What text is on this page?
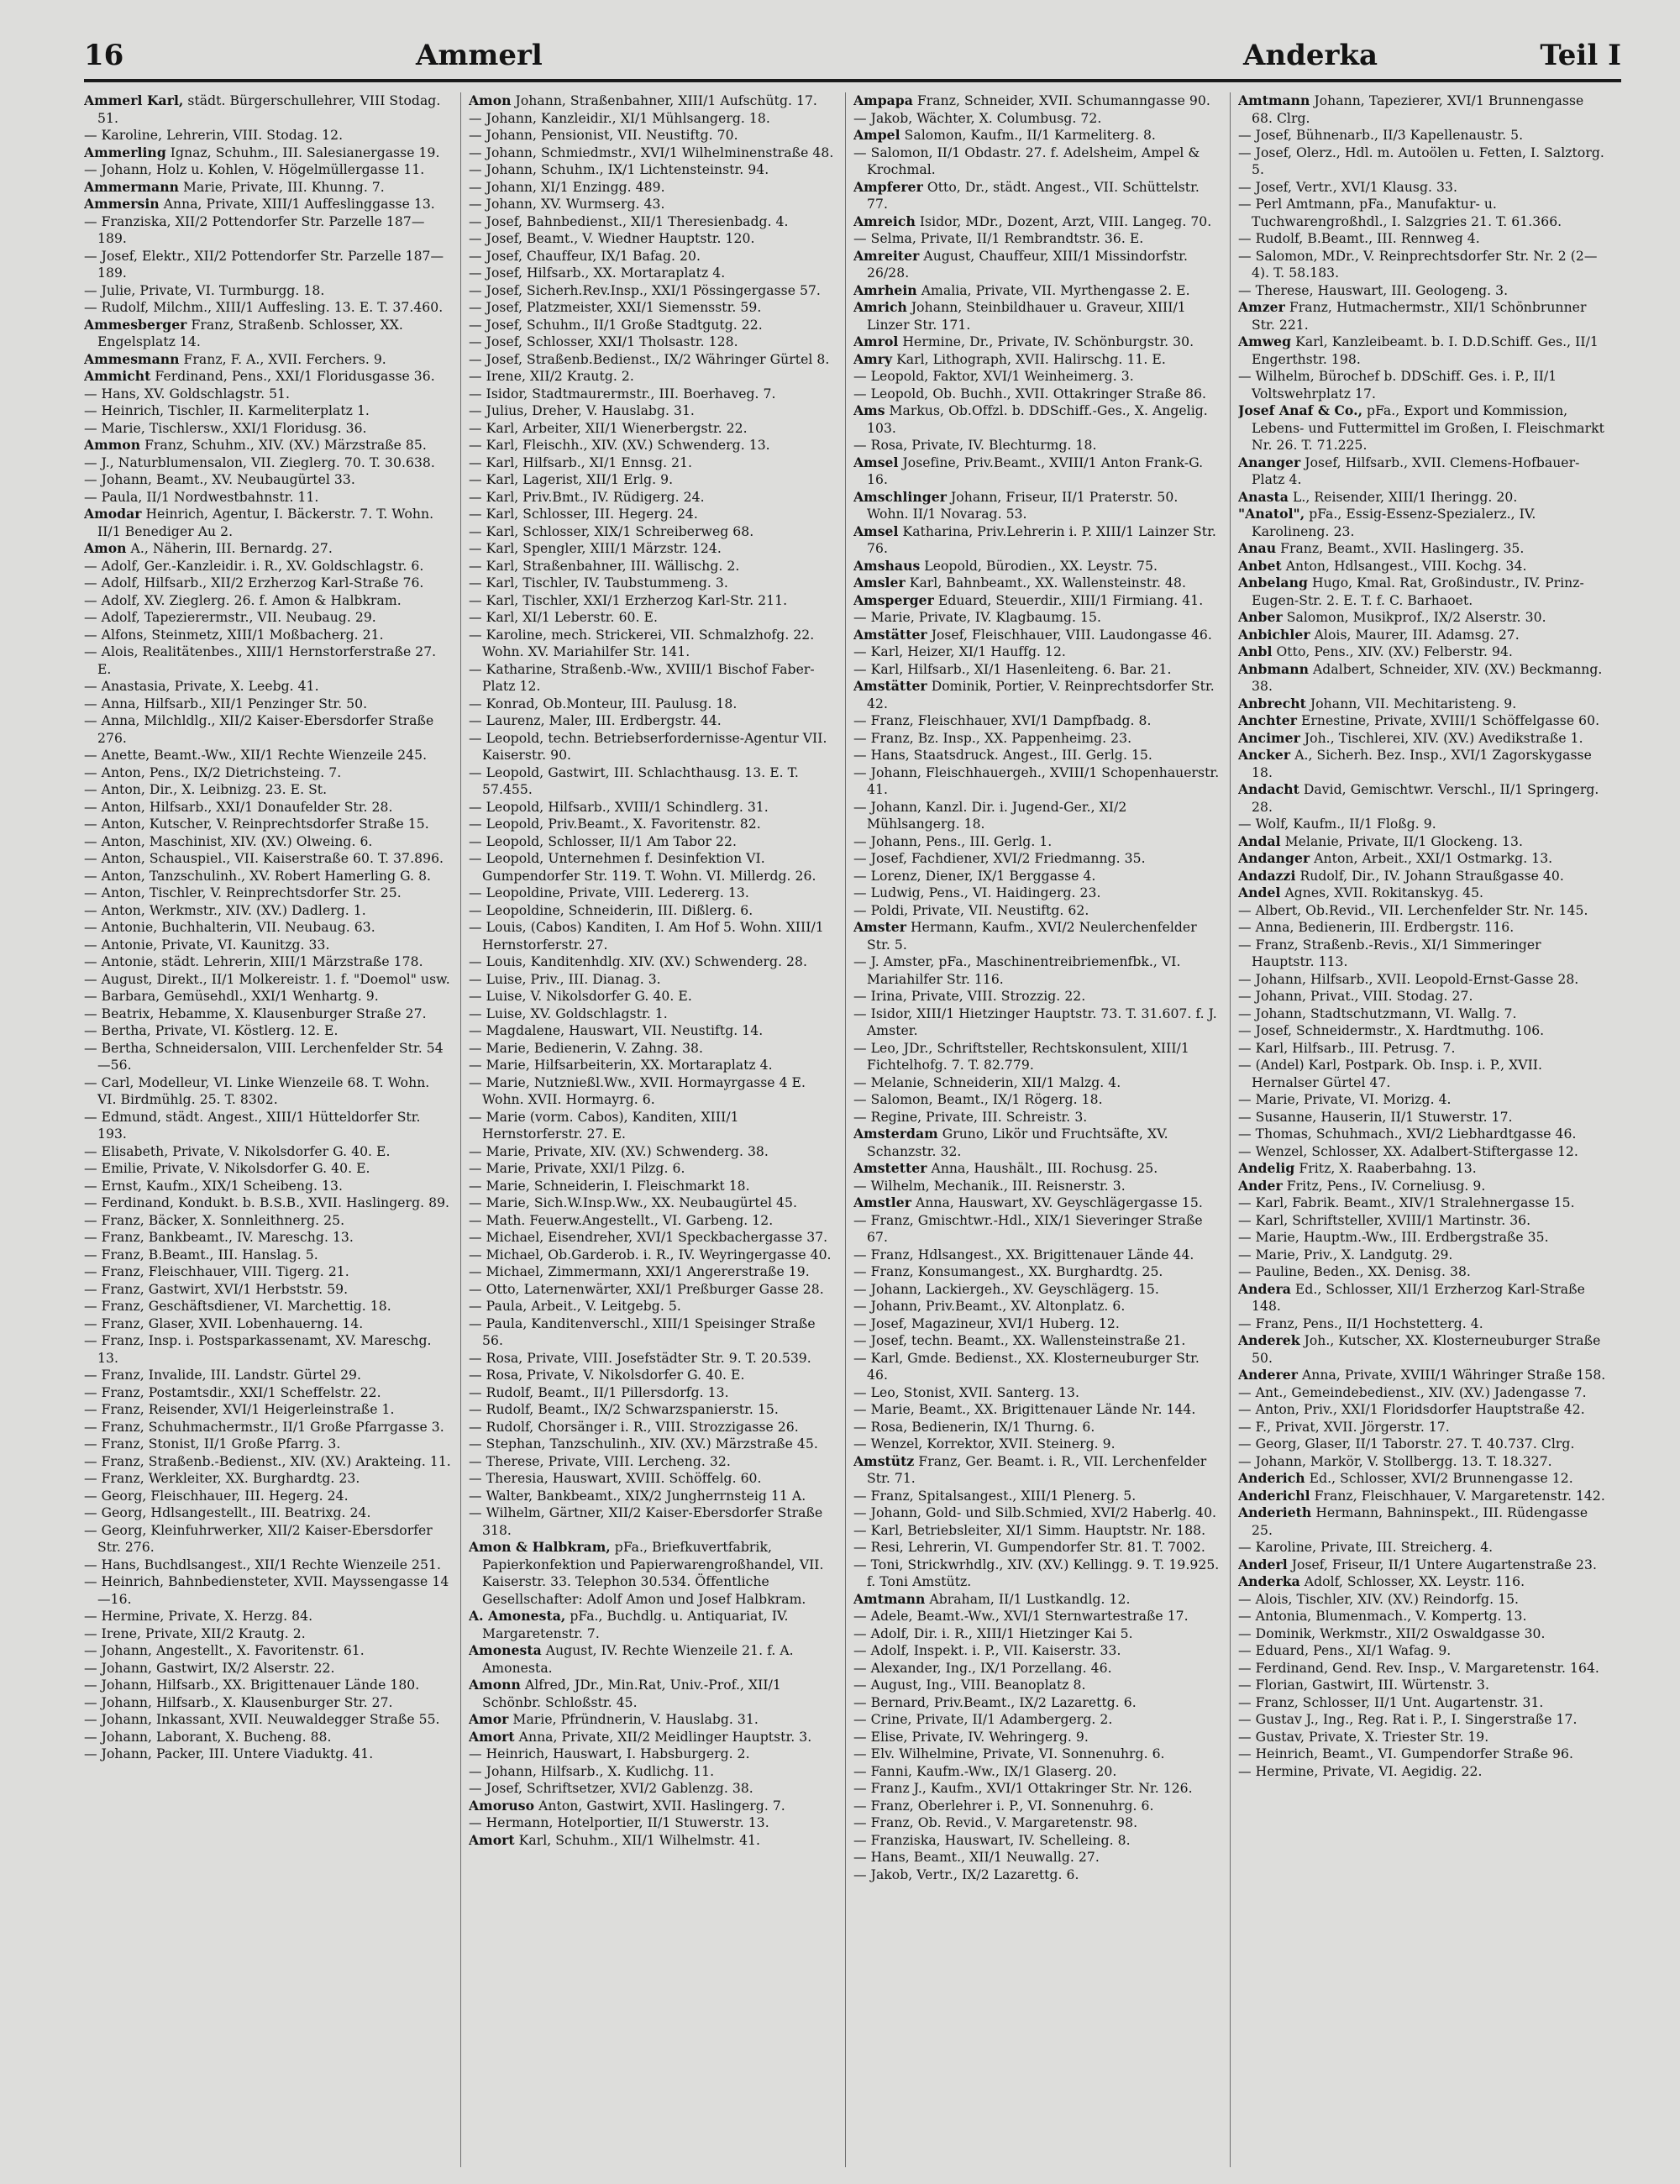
16	Ammerl	Anderka	Teil I

Ammerl Karl, städt. Bürgerschullehrer, VIII Stodag. 51.

— Karoline, Lehrerin, VIII. Stodag. 12.

Ammerling Ignaz, Schuhm., III. Salesianergasse 19.

— Johann, Holz u. Kohlen, V. Högelmüllergasse 11.

Ammermann Marie, Private, III. Khunng. 7.

Ammersin Anna, Private, XIII/1 Auffeslinggasse 13.

— Franziska, XII/2 Pottendorfer Str. Parzelle 187—189.

— Josef, Elektr., XII/2 Pottendorfer Str. Parzelle 187—189.

— Julie, Private, VI. Turmburgg. 18.

— Rudolf, Milchm., XIII/1 Auffesling. 13. E. T. 37.460.

Ammesberger Franz, Straßenb. Schlosser, XX. Engelsplatz 14.

Ammesmann Franz, F. A., XVII. Ferchers. 9.

Ammicht Ferdinand, Pens., XXI/1 Floridusgasse 36.

— Hans, XV. Goldschlagstr. 51.

— Heinrich, Tischler, II. Karmeliterplatz 1.

— Marie, Tischlersw., XXI/1 Floridusg. 36.

Ammon Franz, Schuhm., XIV. (XV.) Märzstraße 85.

— J., Naturblumensalon, VII. Zieglerg. 70. T. 30.638.

— Johann, Beamt., XV. Neubaugürtel 33.

— Paula, II/1 Nordwestbahnstr. 11.

Amodar Heinrich, Agentur, I. Bäckerstr. 7. T. Wohn. II/1 Benediger Au 2.

Amon A., Näherin, III. Bernardg. 27.

— Adolf, Ger.-Kanzleidir. i. R., XV. Goldschlagstr. 6.

— Adolf, Hilfsarb., XII/2 Erzherzog Karl-Straße 76.

— Adolf, XV. Zieglerg. 26. f. Amon & Halbkram.

— Adolf, Tapezierermstr., VII. Neubaug. 29.

— Alfons, Steinmetz, XIII/1 Moßbacherg. 21.

— Alois, Realitätenbes., XIII/1 Hernstorferstraße 27. E.

— Anastasia, Private, X. Leebg. 41.

— Anna, Hilfsarb., XII/1 Penzinger Str. 50.

— Anna, Milchldlg., XII/2 Kaiser-Ebersdorfer Straße 276.

— Anette, Beamt.-Ww., XII/1 Rechte Wienzeile 245.

— Anton, Pens., IX/2 Dietrichsteing. 7.

— Anton, Dir., X. Leibnizg. 23. E. St.

— Anton, Hilfsarb., XXI/1 Donaufelder Str. 28.

— Anton, Kutscher, V. Reinprechtsdorfer Straße 15.

— Anton, Maschinist, XIV. (XV.) Olweing. 6.

— Anton, Schauspiel., VII. Kaiserstraße 60. T. 37.896.

— Anton, Tanzschulinh., XV. Robert Hamerling G. 8.

— Anton, Tischler, V. Reinprechtsdorfer Str. 25.

— Anton, Werkmstr., XIV. (XV.) Dadlerg. 1.

— Antonie, Buchhalterin, VII. Neubaug. 63.

— Antonie, Private, VI. Kaunitzg. 33.

— Antonie, städt. Lehrerin, XIII/1 Märzstraße 178.

— August, Direkt., II/1 Molkereistr. 1. f. "Doemol" usw.

— Barbara, Gemüsehdl., XXI/1 Wenhartg. 9.

— Beatrix, Hebamme, X. Klausenburger Straße 27.

— Bertha, Private, VI. Köstlerg. 12. E.

— Bertha, Schneidersalon, VIII. Lerchenfelder Str. 54—56.

— Carl, Modelleur, VI. Linke Wienzeile 68. T. Wohn. VI. Birdmühlg. 25. T. 8302.

— Edmund, städt. Angest., XIII/1 Hütteldorfer Str. 193.

— Elisabeth, Private, V. Nikolsdorfer G. 40. E.

— Emilie, Private, V. Nikolsdorfer G. 40. E.

— Ernst, Kaufm., XIX/1 Scheibeng. 13.

— Ferdinand, Kondukt. b. B.S.B., XVII. Haslingerg. 89.

— Franz, Bäcker, X. Sonnleithnerg. 25.

— Franz, Bankbeamt., IV. Mareschg. 13.

— Franz, B.Beamt., III. Hanslag. 5.

— Franz, Fleischhauer, VIII. Tigerg. 21.

— Franz, Gastwirt, XVI/1 Herbststr. 59.

— Franz, Geschäftsdiener, VI. Marchettig. 18.

— Franz, Glaser, XVII. Lobenhauerng. 14.

— Franz, Insp. i. Postsparkassenamt, XV. Mareschg. 13.

— Franz, Invalide, III. Landstr. Gürtel 29.

— Franz, Postamtsdir., XXI/1 Scheffelstr. 22.

— Franz, Reisender, XVI/1 Heigerleinstraße 1.

— Franz, Schuhmachermstr., II/1 Große Pfarrgasse 3.

— Franz, Stonist, II/1 Große Pfarrg. 3.

— Franz, Straßenb.-Bedienst., XIV. (XV.) Arakteing. 11.

— Franz, Werkleiter, XX. Burghardtg. 23.

— Georg, Fleischhauer, III. Hegerg. 24.

— Georg, Hdlsangestellt., III. Beatrixg. 24.

— Georg, Kleinfuhrwerker, XII/2 Kaiser-Ebersdorfer Str. 276.

— Hans, Buchdlsangest., XII/1 Rechte Wienzeile 251.

— Heinrich, Bahnbediensteter, XVII. Mayssengasse 14—16.

— Hermine, Private, X. Herzg. 84.

— Irene, Private, XII/2 Krautg. 2.

— Johann, Angestellt., X. Favoritenstr. 61.

— Johann, Gastwirt, IX/2 Alserstr. 22.

— Johann, Hilfsarb., XX. Brigittenauer Lände 180.

— Johann, Hilfsarb., X. Klausenburger Str. 27.

— Johann, Inkassant, XVII. Neuwaldegger Straße 55.

— Johann, Laborant, X. Bucheng. 88.

— Johann, Packer, III. Untere Viaduktg. 41.

Amon Johann, Straßenbahner, XIII/1 Aufschütg. 17.

— Johann, Kanzleidir., XI/1 Mühlsangerg. 18.

— Johann, Pensionist, VII. Neustiftg. 70.

— Johann, Schmiedmstr., XVI/1 Wilhelminenstraße 48.

— Johann, Schuhm., IX/1 Lichtensteinstr. 94.

— Johann, XI/1 Enzingg. 489.

— Johann, XV. Wurmserg. 43.

— Josef, Bahnbedienst., XII/1 Theresienbadg. 4.

— Josef, Beamt., V. Wiedner Hauptstr. 120.

— Josef, Chauffeur, IX/1 Bafag. 20.

— Josef, Hilfsarb., XX. Mortaraplatz 4.

— Josef, Sicherh.Rev.Insp., XXI/1 Pössingergasse 57.

— Josef, Platzmeister, XXI/1 Siemensstr. 59.

— Josef, Schuhm., II/1 Große Stadtgutg. 22.

— Josef, Schlosser, XXI/1 Tholsastr. 128.

— Josef, Straßenb.Bedienst., IX/2 Währinger Gürtel 8.

— Irene, XII/2 Krautg. 2.

— Isidor, Stadtmaurermstr., III. Boerhaveg. 7.

— Julius, Dreher, V. Hauslabg. 31.

— Karl, Arbeiter, XII/1 Wienerbergstr. 22.

— Karl, Fleischh., XIV. (XV.) Schwenderg. 13.

— Karl, Hilfsarb., XI/1 Ennsg. 21.

— Karl, Lagerist, XII/1 Erlg. 9.

— Karl, Priv.Bmt., IV. Rüdigerg. 24.

— Karl, Schlosser, III. Hegerg. 24.

— Karl, Schlosser, XIX/1 Schreiberweg 68.

— Karl, Spengler, XIII/1 Märzstr. 124.

— Karl, Straßenbahner, III. Wällischg. 2.

— Karl, Tischler, IV. Taubstummeng. 3.

— Karl, Tischler, XXI/1 Erzherzog Karl-Str. 211.

— Karl, XI/1 Leberstr. 60. E.

— Karoline, mech. Strickerei, VII. Schmalzhofg. 22. Wohn. XV. Mariahilfer Str. 141.

— Katharine, Straßenb.-Ww., XVIII/1 Bischof Faber-Platz 12.

— Konrad, Ob.Monteur, III. Paulusg. 18.

— Laurenz, Maler, III. Erdbergstr. 44.

— Leopold, techn. Betriebserfordernisse-Agentur VII. Kaiserstr. 90.

— Leopold, Gastwirt, III. Schlachthausg. 13. E. T. 57.455.

— Leopold, Hilfsarb., XVIII/1 Schindlerg. 31.

— Leopold, Priv.Beamt., X. Favoritenstr. 82.

— Leopold, Schlosser, II/1 Am Tabor 22.

— Leopold, Unternehmen f. Desinfektion VI. Gumpendorfer Str. 119. T. Wohn. VI. Millerdg. 26.

— Leopoldine, Private, VIII. Ledererg. 13.

— Leopoldine, Schneiderin, III. Dißlerg. 6.

— Louis, (Cabos) Kanditen, I. Am Hof 5. Wohn. XIII/1 Hernstorferstr. 27.

— Louis, Kanditenhdlg. XIV. (XV.) Schwenderg. 28.

— Luise, Priv., III. Dianag. 3.

— Luise, V. Nikolsdorfer G. 40. E.

— Luise, XV. Goldschlagstr. 1.

— Magdalene, Hauswart, VII. Neustiftg. 14.

— Marie, Bedienerin, V. Zahng. 38.

— Marie, Hilfsarbeiterin, XX. Mortaraplatz 4.

— Marie, Nutznießl.Ww., XVII. Hormayrgasse 4 E. Wohn. XVII. Hormayrg. 6.

— Marie (vorm. Cabos), Kanditen, XIII/1 Hernstorferstr. 27. E.

— Marie, Private, XIV. (XV.) Schwenderg. 38.

— Marie, Private, XXI/1 Pilzg. 6.

— Marie, Schneiderin, I. Fleischmarkt 18.

— Marie, Sich.W.Insp.Ww., XX. Neubaugürtel 45.

— Math. Feuerw.Angestellt., VI. Garbeng. 12.

— Michael, Eisendreher, XVI/1 Speckbachergasse 37.

— Michael, Ob.Garderob. i. R., IV. Weyringergasse 40.

— Michael, Zimmermann, XXI/1 Angererstraße 19.

— Otto, Laternenwärter, XXI/1 Preßburger Gasse 28.

— Paula, Arbeit., V. Leitgebg. 5.

— Paula, Kanditenverschl., XIII/1 Speisinger Straße 56.

— Rosa, Private, VIII. Josefstädter Str. 9. T. 20.539.

— Rosa, Private, V. Nikolsdorfer G. 40. E.

— Rudolf, Beamt., II/1 Pillersdorfg. 13.

— Rudolf, Beamt., IX/2 Schwarzspanierstr. 15.

— Rudolf, Chorsänger i. R., VIII. Strozzigasse 26.

— Stephan, Tanzschulinh., XIV. (XV.) Märzstraße 45.

— Therese, Private, VIII. Lercheng. 32.

— Theresia, Hauswart, XVIII. Schöffelg. 60.

— Walter, Bankbeamt., XIX/2 Jungherrnsteig 11 A.

— Wilhelm, Gärtner, XII/2 Kaiser-Ebersdorfer Straße 318.

Amon & Halbkram, pFa., Briefkuvertfabrik, Papierkonfektion und Papierwarengroßhandel, VII. Kaiserstr. 33. Telephon 30.534. Öffentliche Gesellschafter: Adolf Amon und Josef Halbkram.

A. Amonesta, pFa., Buchdlg. u. Antiquariat, IV. Margaretenstr. 7.

Amonesta August, IV. Rechte Wienzeile 21. f. A. Amonesta.

Amonn Alfred, JDr., Min.Rat, Univ.-Prof., XII/1 Schönbr. Schloßstr. 45.

Amor Marie, Pfründnerin, V. Hauslabg. 31.

Amort Anna, Private, XII/2 Meidlinger Hauptstr. 3.

— Heinrich, Hauswart, I. Habsburgerg. 2.

— Johann, Hilfsarb., X. Kudlichg. 11.

— Josef, Schriftsetzer, XVI/2 Gablenzg. 38.

Amoruso Anton, Gastwirt, XVII. Haslingerg. 7.

— Hermann, Hotelportier, II/1 Stuwerstr. 13.

Amort Karl, Schuhm., XII/1 Wilhelmstr. 41.

Ampapa Franz, Schneider, XVII. Schumanngasse 90.

— Jakob, Wächter, X. Columbusg. 72.

Ampel Salomon, Kaufm., II/1 Karmeliterg. 8.

— Salomon, II/1 Obdastr. 27. f. Adelsheim, Ampel & Krochmal.

Ampferer Otto, Dr., städt. Angest., VII. Schüttelstr. 77.

Amreich Isidor, MDr., Dozent, Arzt, VIII. Langeg. 70.

— Selma, Private, II/1 Rembrandtstr. 36. E.

Amreiter August, Chauffeur, XIII/1 Missindorfstr. 26/28.

Amrhein Amalia, Private, VII. Myrthengasse 2. E.

Amrich Johann, Steinbildhauer u. Graveur, XIII/1 Linzer Str. 171.

Amrol Hermine, Dr., Private, IV. Schönburgstr. 30.

Amry Karl, Lithograph, XVII. Halirschg. 11. E.

— Leopold, Faktor, XVI/1 Weinheimerg. 3.

— Leopold, Ob. Buchh., XVII. Ottakringer Straße 86.

Ams Markus, Ob.Offzl. b. DDSchiff.-Ges., X. Angelig. 103.

— Rosa, Private, IV. Blechturmg. 18.

Amsel Josefine, Priv.Beamt., XVIII/1 Anton Frank-G. 16.

Amschlinger Johann, Friseur, II/1 Praterstr. 50. Wohn. II/1 Novarag. 53.

Amsel Katharina, Priv.Lehrerin i. P. XIII/1 Lainzer Str. 76.

Amshaus Leopold, Bürodien., XX. Leystr. 75.

Amsler Karl, Bahnbeamt., XX. Wallensteinstr. 48.

Amsperger Eduard, Steuerdir., XIII/1 Firmiang. 41.

— Marie, Private, IV. Klagbaumg. 15.

Amstätter Josef, Fleischhauer, VIII. Laudongasse 46.

— Karl, Heizer, XI/1 Hauffg. 12.

— Karl, Hilfsarb., XI/1 Hasenleiteng. 6. Bar. 21.

Amstätter Dominik, Portier, V. Reinprechtsdorfer Str. 42.

— Franz, Fleischhauer, XVI/1 Dampfbadg. 8.

— Franz, Bz. Insp., XX. Pappenheimg. 23.

— Hans, Staatsdruck. Angest., III. Gerlg. 15.

— Johann, Fleischhauergeh., XVIII/1 Schopenhauerstr. 41.

— Johann, Kanzl. Dir. i. Jugend-Ger., XI/2 Mühlsangerg. 18.

— Johann, Pens., III. Gerlg. 1.

— Josef, Fachdiener, XVI/2 Friedmanng. 35.

— Lorenz, Diener, IX/1 Berggasse 4.

— Ludwig, Pens., VI. Haidingerg. 23.

— Poldi, Private, VII. Neustiftg. 62.

Amster Hermann, Kaufm., XVI/2 Neulerchenfelder Str. 5.

— J. Amster, pFa., Maschinentreibriemenfbk., VI. Mariahilfer Str. 116.

— Irina, Private, VIII. Strozzig. 22.

— Isidor, XIII/1 Hietzinger Hauptstr. 73. T. 31.607. f. J. Amster.

— Leo, JDr., Schriftsteller, Rechtskonsulent, XIII/1 Fichtelhofg. 7. T. 82.779.

— Melanie, Schneiderin, XII/1 Malzg. 4.

— Salomon, Beamt., IX/1 Rögerg. 18.

— Regine, Private, III. Schreistr. 3.

Amsterdam Gruno, Likör und Fruchtsäfte, XV. Schanzstr. 32.

Amstetter Anna, Haushält., III. Rochusg. 25.

— Wilhelm, Mechanik., III. Reisnerstr. 3.

Amstler Anna, Hauswart, XV. Geyschlägergasse 15.

— Franz, Gmischtwr.-Hdl., XIX/1 Sieveringer Straße 67.

— Franz, Hdlsangest., XX. Brigittenauer Lände 44.

— Franz, Konsumangest., XX. Burghardtg. 25.

— Johann, Lackiergeh., XV. Geyschlägerg. 15.

— Johann, Priv.Beamt., XV. Altonplatz. 6.

— Josef, Magazineur, XVI/1 Huberg. 12.

— Josef, techn. Beamt., XX. Wallensteinstraße 21.

— Karl, Gmde. Bedienst., XX. Klosterneuburger Str. 46.

— Leo, Stonist, XVII. Santerg. 13.

— Marie, Beamt., XX. Brigittenauer Lände Nr. 144.

— Rosa, Bedienerin, IX/1 Thurng. 6.

— Wenzel, Korrektor, XVII. Steinerg. 9.

Amstütz Franz, Ger. Beamt. i. R., VII. Lerchenfelder Str. 71.

— Franz, Spitalsangest., XIII/1 Plenerg. 5.

— Johann, Gold- und Silb.Schmied, XVI/2 Haberlg. 40.

— Karl, Betriebsleiter, XI/1 Simm. Hauptstr. Nr. 188.

— Resi, Lehrerin, VI. Gumpendorfer Str. 81. T. 7002.

— Toni, Strickwrhdlg., XIV. (XV.) Kellingg. 9. T. 19.925. f. Toni Amstütz.

Amtmann Abraham, II/1 Lustkandlg. 12.

— Adele, Beamt.-Ww., XVI/1 Sternwartestraße 17.

— Adolf, Dir. i. R., XIII/1 Hietzinger Kai 5.

— Adolf, Inspekt. i. P., VII. Kaiserstr. 33.

— Alexander, Ing., IX/1 Porzellang. 46.

— August, Ing., VIII. Beanoplatz 8.

— Bernard, Priv.Beamt., IX/2 Lazarettg. 6.

— Crine, Private, II/1 Adambergerg. 2.

— Elise, Private, IV. Wehringerg. 9.

— Elv. Wilhelmine, Private, VI. Sonnenuhrg. 6.

— Fanni, Kaufm.-Ww., IX/1 Glaserg. 20.

— Franz J., Kaufm., XVI/1 Ottakringer Str. Nr. 126.

— Franz, Oberlehrer i. P., VI. Sonnenuhrg. 6.

— Franz, Ob. Revid., V. Margaretenstr. 98.

— Franziska, Hauswart, IV. Schelleing. 8.

— Hans, Beamt., XII/1 Neuwallg. 27.

— Jakob, Vertr., IX/2 Lazarettg. 6.

Amtmann Johann, Tapezierer, XVI/1 Brunnengasse 68. Clrg.

— Josef, Bühnenarb., II/3 Kapellenaustr. 5.

— Josef, Olerz., Hdl. m. Autoölen u. Fetten, I. Salztorg. 5.

— Josef, Vertr., XVI/1 Klausg. 33.

— Perl Amtmann, pFa., Manufaktur- u. Tuchwarengroßhdl., I. Salzgries 21. T. 61.366.

— Rudolf, B.Beamt., III. Rennweg 4.

— Salomon, MDr., V. Reinprechtsdorfer Str. Nr. 2 (2—4). T. 58.183.

— Therese, Hauswart, III. Geologeng. 3.

Amzer Franz, Hutmachermstr., XII/1 Schönbrunner Str. 221.

Amweg Karl, Kanzleibeamt. b. I. D.D.Schiff. Ges., II/1 Engerthstr. 198.

— Wilhelm, Bürochef b. DDSchiff. Ges. i. P., II/1 Voltswehrplatz 17.

Josef Anaf & Co., pFa., Export und Kommission, Lebens- und Futtermittel im Großen, I. Fleischmarkt Nr. 26. T. 71.225.

Ananger Josef, Hilfsarb., XVII. Clemens-Hofbauer-Platz 4.

Anasta L., Reisender, XIII/1 Iheringg. 20.

"Anatol", pFa., Essig-Essenz-Spezialerz., IV. Karolineng. 23.

Anau Franz, Beamt., XVII. Haslingerg. 35.

Anbet Anton, Hdlsangest., VIII. Kochg. 34.

Anbelang Hugo, Kmal. Rat, Großindustr., IV. Prinz-Eugen-Str. 2. E. T. f. C. Barhaoet.

Anber Salomon, Musikprof., IX/2 Alserstr. 30.

Anbichler Alois, Maurer, III. Adamsg. 27.

Anbl Otto, Pens., XIV. (XV.) Felberstr. 94.

Anbmann Adalbert, Schneider, XIV. (XV.) Beckmanng. 38.

Anbrecht Johann, VII. Mechitaristeng. 9.

Anchter Ernestine, Private, XVIII/1 Schöffelgasse 60.

Ancimer Joh., Tischlerei, XIV. (XV.) Avedikstraße 1.

Ancker A., Sicherh. Bez. Insp., XVI/1 Zagorskygasse 18.

Andacht David, Gemischtwr. Verschl., II/1 Springerg. 28.

— Wolf, Kaufm., II/1 Floßg. 9.

Andal Melanie, Private, II/1 Glockeng. 13.

Andanger Anton, Arbeit., XXI/1 Ostmarkg. 13.

Andazzi Rudolf, Dir., IV. Johann Straußgasse 40.

Andel Agnes, XVII. Rokitanskyg. 45.

— Albert, Ob.Revid., VII. Lerchenfelder Str. Nr. 145.

— Anna, Bedienerin, III. Erdbergstr. 116.

— Franz, Straßenb.-Revis., XI/1 Simmeringer Hauptstr. 113.

— Johann, Hilfsarb., XVII. Leopold-Ernst-Gasse 28.

— Johann, Privat., VIII. Stodag. 27.

— Johann, Stadtschutzmann, VI. Wallg. 7.

— Josef, Schneidermstr., X. Hardtmuthg. 106.

— Karl, Hilfsarb., III. Petrusg. 7.

— (Andel) Karl, Postpark. Ob. Insp. i. P., XVII. Hernalser Gürtel 47.

— Marie, Private, VI. Morizg. 4.

— Susanne, Hauserin, II/1 Stuwerstr. 17.

— Thomas, Schuhmach., XVI/2 Liebhardtgasse 46.

— Wenzel, Schlosser, XX. Adalbert-Stiftergasse 12.

Andelig Fritz, X. Raaberbahng. 13.

Ander Fritz, Pens., IV. Corneliusg. 9.

— Karl, Fabrik. Beamt., XIV/1 Stralehnergasse 15.

— Karl, Schriftsteller, XVIII/1 Martinstr. 36.

— Marie, Hauptm.-Ww., III. Erdbergstraße 35.

— Marie, Priv., X. Landgutg. 29.

— Pauline, Beden., XX. Denisg. 38.

Andera Ed., Schlosser, XII/1 Erzherzog Karl-Straße 148.

— Franz, Pens., II/1 Hochstetterg. 4.

Anderek Joh., Kutscher, XX. Klosterneuburger Straße 50.

Anderer Anna, Private, XVIII/1 Währinger Straße 158.

— Ant., Gemeindebedienst., XIV. (XV.) Jadengasse 7.

— Anton, Priv., XXI/1 Floridsdorfer Hauptstraße 42.

— F., Privat, XVII. Jörgerstr. 17.

— Georg, Glaser, II/1 Taborstr. 27. T. 40.737. Clrg.

— Johann, Markör, V. Stollbergg. 13. T. 18.327.

Anderich Ed., Schlosser, XVI/2 Brunnengasse 12.

Anderichl Franz, Fleischhauer, V. Margaretenstr. 142.

Anderieth Hermann, Bahninspekt., III. Rüdengasse 25.

— Karoline, Private, III. Streicherg. 4.

Anderl Josef, Friseur, II/1 Untere Augartenstraße 23.

Anderka Adolf, Schlosser, XX. Leystr. 116.

— Alois, Tischler, XIV. (XV.) Reindorfg. 15.

— Antonia, Blumenmach., V. Kompertg. 13.

— Dominik, Werkmstr., XII/2 Oswaldgasse 30.

— Eduard, Pens., XI/1 Wafag. 9.

— Ferdinand, Gend. Rev. Insp., V. Margaretenstr. 164.

— Florian, Gastwirt, III. Würtenstr. 3.

— Franz, Schlosser, II/1 Unt. Augartenstr. 31.

— Gustav J., Ing., Reg. Rat i. P., I. Singerstraße 17.

— Gustav, Private, X. Triester Str. 19.

— Heinrich, Beamt., VI. Gumpendorfer Straße 96.

— Hermine, Private, VI. Aegidig. 22.
